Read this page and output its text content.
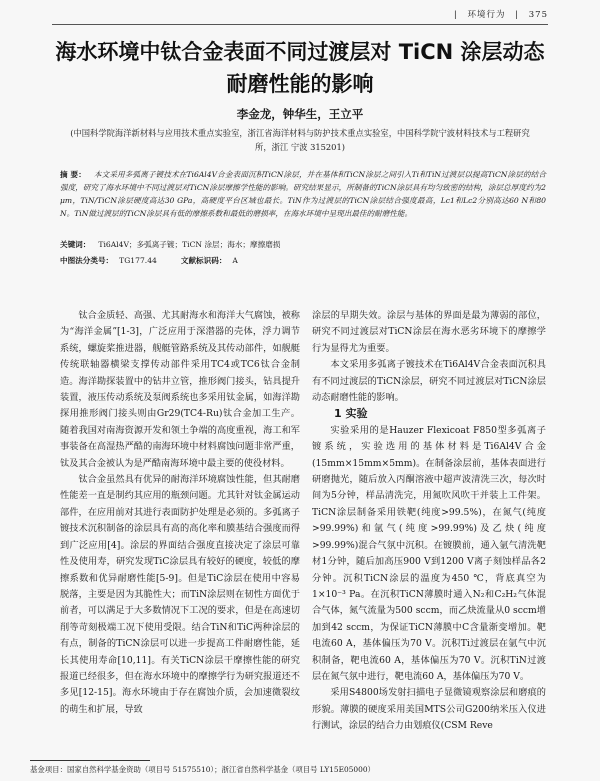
| 环境行为 | 375
海水环境中钛合金表面不同过渡层对 TiCN 涂层动态
耐磨性能的影响
李金龙，钟华生，王立平
(中国科学院海洋新材料与应用技术重点实验室，浙江省海洋材料与防护技术重点实验室，中国科学院宁波材料技术与工程研究
所，浙江 宁波 315201)
摘 要： 本文采用多弧离子镀技术在Ti6Al4V合金表面沉积TiCN涂层，并在基体和TiCN涂层之间引入Ti和TiN过渡层以提高TiCN涂层的结合强度，研究了海水环境中不同过渡层对TiCN涂层摩擦学性能的影响。研究结果显示，所制备的TiCN涂层具有均匀致密的结构，涂层总厚度约为2 μm，TiN/TiCN涂层硬度高达30 GPa，高硬度平台区域也最长。TiN作为过渡层的TiCN涂层结合强度最高，Lc1和Lc2分别高达60 N和80 N。TiN做过渡层的TiCN涂层具有低的摩擦系数和最低的磨损率，在海水环境中呈现出最佳的耐磨性能。
关键词： Ti6Al4V；多弧离子镀；TiCN 涂层；海水；摩擦磨损
中图法分类号： TG177.44	文献标识码： A

钛合金质轻、高强、尤其耐海水和海洋大气腐蚀，被称为“海洋金属”[1-3]，广泛应用于深潜器的壳体，浮力调节系统，螺旋桨推进器，舰艇管路系统及其传动部件，如舰艇传统联轴器横梁支撑传动部件采用TC4或TC6钛合金制造。海洋勘探装置中的钻井立管，推形阀门接头，钻具提升装置，液压传动系统及泵阀系统也多采用钛金属，如海洋勘探用推形阀门接头则由Gr29(TC4-Ru)钛合金加工生产。随着我国对南海资源开发和领土争端的高度重视，海工和军事装备在高湿热严酷的南海环境中材料腐蚀问题非常严重，钛及其合金被认为是严酷南海环境中最主要的使役材料。

钛合金虽然具有优异的耐海洋环境腐蚀性能，但其耐磨性能差一直是制约其应用的瓶颈问题。尤其针对钛金属运动部件，在应用前对其进行表面防护处理是必须的。多弧离子镀技术沉积制备的涂层具有高的高化率和膜基结合强度而得到广泛应用[4]。涂层的界面结合强度直接决定了涂层可靠性及使用寿，研究发现TiC涂层具有较好的硬度，较低的摩擦系数和优异耐磨性能[5-9]。但是TiC涂层在使用中容易脱落，主要是因为其脆性大；而TiN涂层则在韧性方面优于前者，可以满足于大多数情况下工况的要求，但是在高速切削等苛刻极端工况下使用受限。结合TiN和TiC两种涂层的有点，制备的TiCN涂层可以进一步提高工件耐磨性能，延长其使用寿命[10,11]。有关TiCN涂层干摩擦性能的研究报道已经很多，但在海水环境中的摩擦学行为研究报道还不多见[12-15]。海水环境由于存在腐蚀介质，会加速微裂纹的萌生和扩展，导致

涂层的早期失效。涂层与基体的界面是最为薄弱的部位，研究不同过渡层对TiCN涂层在海水恶劣环境下的摩擦学行为显得尤为重要。

本文采用多弧离子镀技术在Ti6Al4V合金表面沉积具有不同过渡层的TiCN涂层，研究不同过渡层对TiCN涂层动态耐磨性能的影响。

1 实验

实验采用的是Hauzer Flexicoat F850型多弧离子镀系统，实验选用的基体材料是Ti6Al4V合金(15mm×15mm×5mm)。在制备涂层前，基体表面进行研磨抛光，随后放入丙酮溶液中超声波清洗三次，每次时间为5分钟，样品清洗完，用氮吹风吹干并装上工件架。TiCN涂层制备采用铁靶(纯度>99.5%)，在氮气(纯度>99.99%)和氩气(纯度>99.99%)及乙炔(纯度>99.99%)混合气氛中沉积。在镀膜前，通入氩气清洗靶材1分钟，随后加高压900 V到1200 V离子刻蚀样品各2分钟。沉积TiCN涂层的温度为450 ℃，背底真空为1×10⁻³ Pa。在沉积TiCN薄膜时通入N₂和C₂H₂气体混合气体，氮气流量为500 sccm，而乙炔流量从0 sccm增加到42 sccm，为保证TiCN薄膜中C含量渐变增加。靶电流60 A，基体偏压为70 V。沉积Ti过渡层在氩气中沉积制备，靶电流60 A，基体偏压为70 V。沉积TiN过渡层在氮气氛中进行，靶电流60 A，基体偏压为70 V。

采用S4800场发射扫描电子显微镜观察涂层和磨痕的形貌。薄膜的硬度采用美国MTS公司G200纳米压入仪进行测试，涂层的结合力由划痕仪(CSM Reve

基金项目：国家自然科学基金资助（项目号 51575510）；浙江省自然科学基金（项目号 LY15E05000）
